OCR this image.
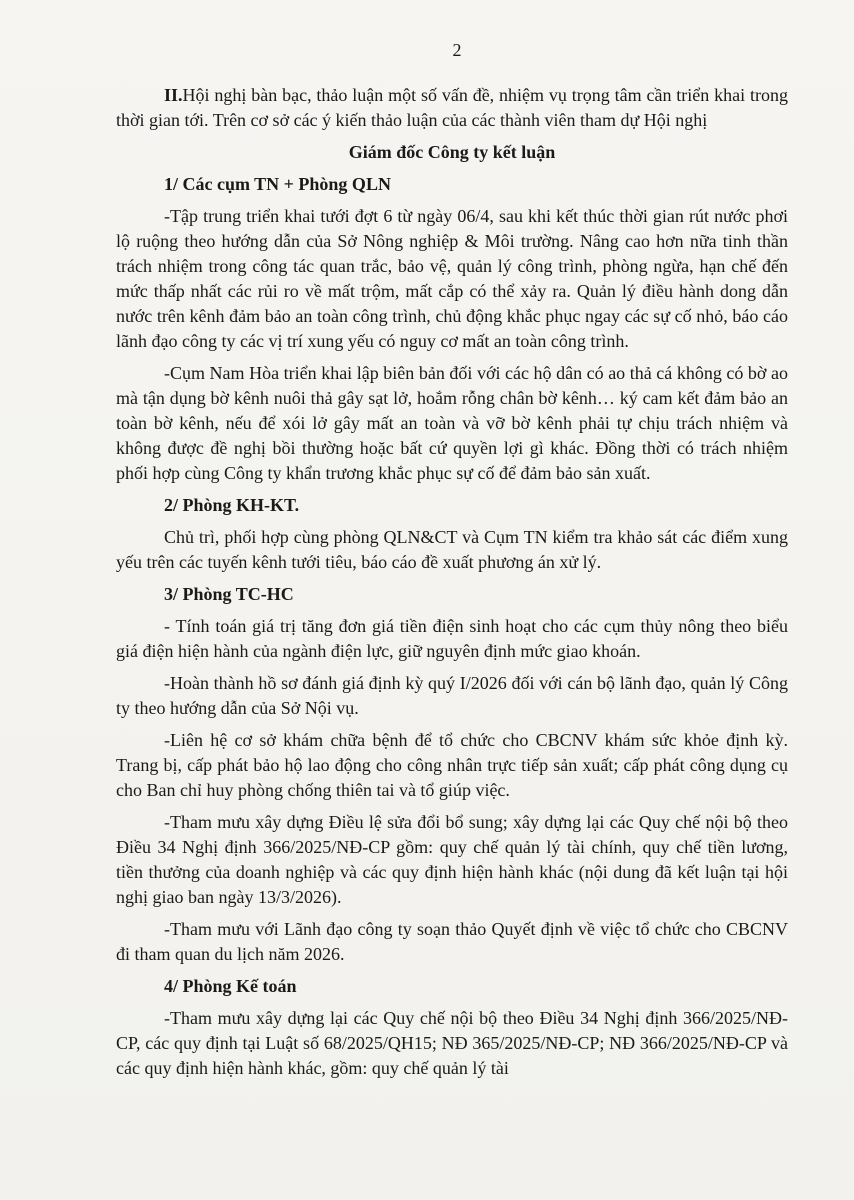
2

II.Hội nghị bàn bạc, thảo luận một số vấn đề, nhiệm vụ trọng tâm cần triển khai trong thời gian tới. Trên cơ sở các ý kiến thảo luận của các thành viên tham dự Hội nghị

Giám đốc Công ty kết luận
1/ Các cụm TN + Phòng QLN

-Tập trung triển khai tưới đợt 6 từ ngày 06/4, sau khi kết thúc thời gian rút nước phơi lộ ruộng theo hướng dẫn của Sở Nông nghiệp & Môi trường. Nâng cao hơn nữa tinh thần trách nhiệm trong công tác quan trắc, bảo vệ, quản lý công trình, phòng ngừa, hạn chế đến mức thấp nhất các rủi ro về mất trộm, mất cắp có thể xảy ra. Quản lý điều hành dong dẫn nước trên kênh đảm bảo an toàn công trình, chủ động khắc phục ngay các sự cố nhỏ, báo cáo lãnh đạo công ty các vị trí xung yếu có nguy cơ mất an toàn công trình.

-Cụm Nam Hòa triển khai lập biên bản đối với các hộ dân có ao thả cá không có bờ ao mà tận dụng bờ kênh nuôi thả gây sạt lở, hoắm rỗng chân bờ kênh… ký cam kết đảm bảo an toàn bờ kênh, nếu để xói lở gây mất an toàn và vỡ bờ kênh phải tự chịu trách nhiệm và không được đề nghị bồi thường hoặc bất cứ quyền lợi gì khác. Đồng thời có trách nhiệm phối hợp cùng Công ty khẩn trương khắc phục sự cố để đảm bảo sản xuất.

2/ Phòng KH-KT.

Chủ trì, phối hợp cùng phòng QLN&CT và Cụm TN kiểm tra khảo sát các điểm xung yếu trên các tuyến kênh tưới tiêu, báo cáo đề xuất phương án xử lý.

3/ Phòng TC-HC

- Tính toán giá trị tăng đơn giá tiền điện sinh hoạt cho các cụm thủy nông theo biểu giá điện hiện hành của ngành điện lực, giữ nguyên định mức giao khoán.

-Hoàn thành hồ sơ đánh giá định kỳ quý I/2026 đối với cán bộ lãnh đạo, quản lý Công ty theo hướng dẫn của Sở Nội vụ.

-Liên hệ cơ sở khám chữa bệnh để tổ chức cho CBCNV khám sức khỏe định kỳ. Trang bị, cấp phát bảo hộ lao động cho công nhân trực tiếp sản xuất; cấp phát công dụng cụ cho Ban chỉ huy phòng chống thiên tai và tổ giúp việc.

-Tham mưu xây dựng Điều lệ sửa đổi bổ sung; xây dựng lại các Quy chế nội bộ theo Điều 34 Nghị định 366/2025/NĐ-CP gồm: quy chế quản lý tài chính, quy chế tiền lương, tiền thưởng của doanh nghiệp và các quy định hiện hành khác (nội dung đã kết luận tại hội nghị giao ban ngày 13/3/2026).

-Tham mưu với Lãnh đạo công ty soạn thảo Quyết định về việc tổ chức cho CBCNV đi tham quan du lịch năm 2026.

4/ Phòng Kế toán

-Tham mưu xây dựng lại các Quy chế nội bộ theo Điều 34 Nghị định 366/2025/NĐ-CP, các quy định tại Luật số 68/2025/QH15; NĐ 365/2025/NĐ-CP; NĐ 366/2025/NĐ-CP và các quy định hiện hành khác, gồm: quy chế quản lý tài
